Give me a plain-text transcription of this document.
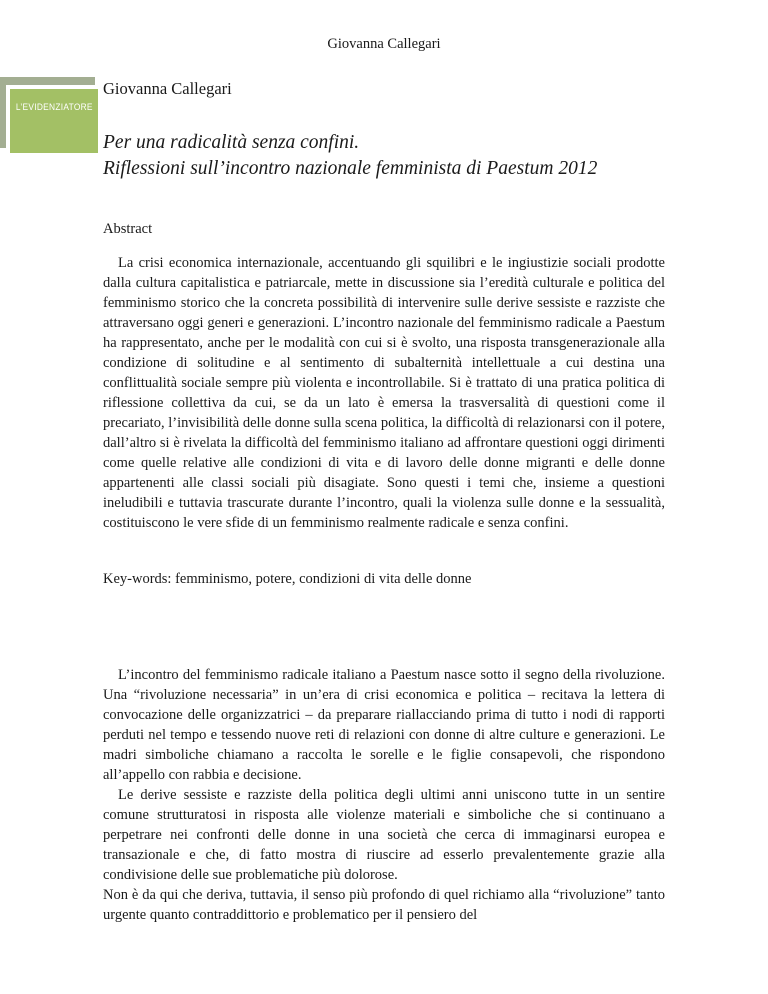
Giovanna Callegari
L’EVIDENZIATORE
Giovanna Callegari
Per una radicalità senza confini.
Riflessioni sull’incontro nazionale femminista di Paestum 2012
Abstract

La crisi economica internazionale, accentuando gli squilibri e le ingiustizie sociali prodotte dalla cultura capitalistica e patriarcale, mette in discussione sia l’eredità culturale e politica del femminismo storico che la concreta possibilità di intervenire sulle derive sessiste e razziste che attraversano oggi generi e generazioni. L’incontro nazionale del femminismo radicale a Paestum ha rappresentato, anche per le modalità con cui si è svolto, una risposta transgenerazionale alla condizione di solitudine e al sentimento di subalternità intellettuale a cui destina una conflittualità sociale sempre più violenta e incontrollabile. Si è trattato di una pratica politica di riflessione collettiva da cui, se da un lato è emersa la trasversalità di questioni come il precariato, l’invisibilità delle donne sulla scena politica, la difficoltà di relazionarsi con il potere, dall’altro si è rivelata la difficoltà del femminismo italiano ad affrontare questioni oggi dirimenti come quelle relative alle condizioni di vita e di lavoro delle donne migranti e delle donne appartenenti alle classi sociali più disagiate. Sono questi i temi che, insieme a questioni ineludibili e tuttavia trascurate durante l’incontro, quali la violenza sulle donne e la sessualità, costituiscono le vere sfide di un femminismo realmente radicale e senza confini.

Key-words: femminismo, potere, condizioni di vita delle donne

L’incontro del femminismo radicale italiano a Paestum nasce sotto il segno della rivoluzione. Una “rivoluzione necessaria” in un’era di crisi economica e politica – recitava la lettera di convocazione delle organizzatrici – da preparare riallacciando prima di tutto i nodi di rapporti perduti nel tempo e tessendo nuove reti di relazioni con donne di altre culture e generazioni. Le madri simboliche chiamano a raccolta le sorelle e le figlie consapevoli, che rispondono all’appello con rabbia e decisione.

Le derive sessiste e razziste della politica degli ultimi anni uniscono tutte in un sentire comune strutturatosi in risposta alle violenze materiali e simboliche che si continuano a perpetrare nei confronti delle donne in una società che cerca di immaginarsi europea e transazionale e che, di fatto mostra di riuscire ad esserlo prevalentemente grazie alla condivisione delle sue problematiche più dolorose.

Non è da qui che deriva, tuttavia, il senso più profondo di quel richiamo alla “rivoluzione” tanto urgente quanto contraddittorio e problematico per il pensiero del
